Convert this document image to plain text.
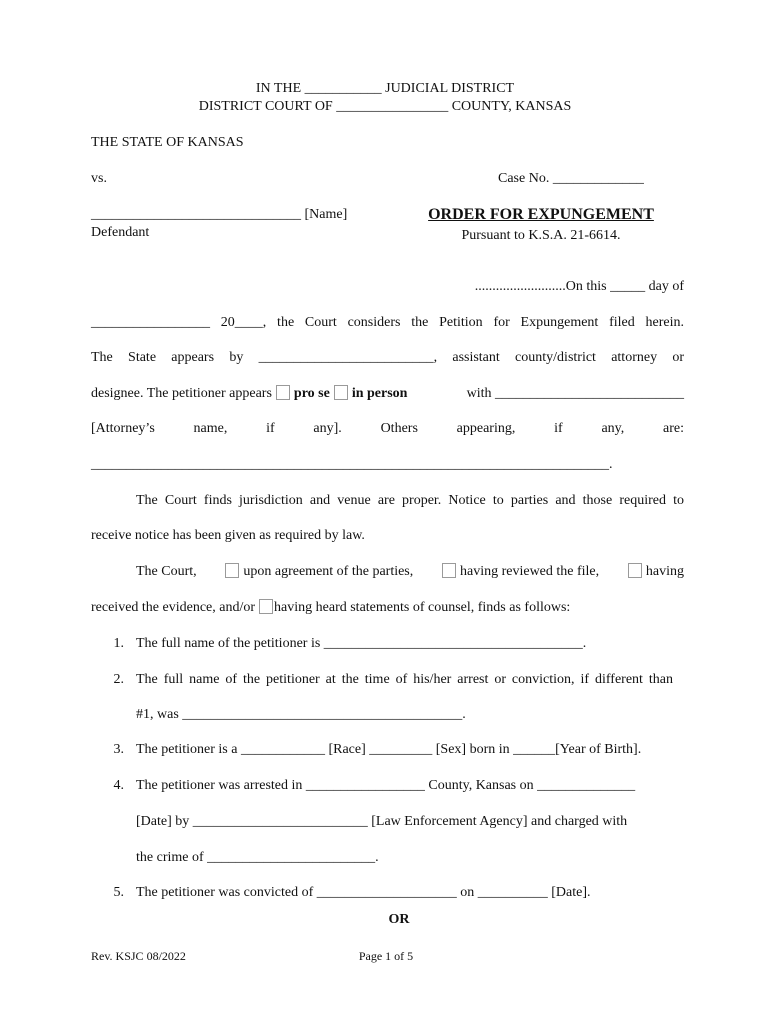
IN THE ___________ JUDICIAL DISTRICT
DISTRICT COURT OF ________________ COUNTY, KANSAS
THE STATE OF KANSAS
vs.	Case No. _____________
______________________________ [Name]
Defendant
ORDER FOR EXPUNGEMENT
Pursuant to K.S.A. 21-6614.
..........................On this _____ day of
_________________ 20____, the Court considers the Petition for Expungement filed herein.
The State appears by _________________________, assistant county/district attorney or
designee. The petitioner appears pro se in person	with ___________________________
[Attorney’s name, if any]. Others appearing, if any, are:
__________________________________________________________________________.
The Court finds jurisdiction and venue are proper. Notice to parties and those required to
receive notice has been given as required by law.
The Court,	upon agreement of the parties,	having reviewed the file,	having
received the evidence, and/or having heard statements of counsel, finds as follows:
1. The full name of the petitioner is _____________________________________.
2. The full name of the petitioner at the time of his/her arrest or conviction, if different than
#1, was ________________________________________.
3. The petitioner is a ____________ [Race] _________ [Sex] born in ______[Year of Birth].
4. The petitioner was arrested in _________________ County, Kansas on ______________
[Date] by _________________________ [Law Enforcement Agency] and charged with
the crime of ________________________.
5. The petitioner was convicted of ____________________ on __________ [Date].
OR
Rev. KSJC 08/2022	Page 1 of 5
